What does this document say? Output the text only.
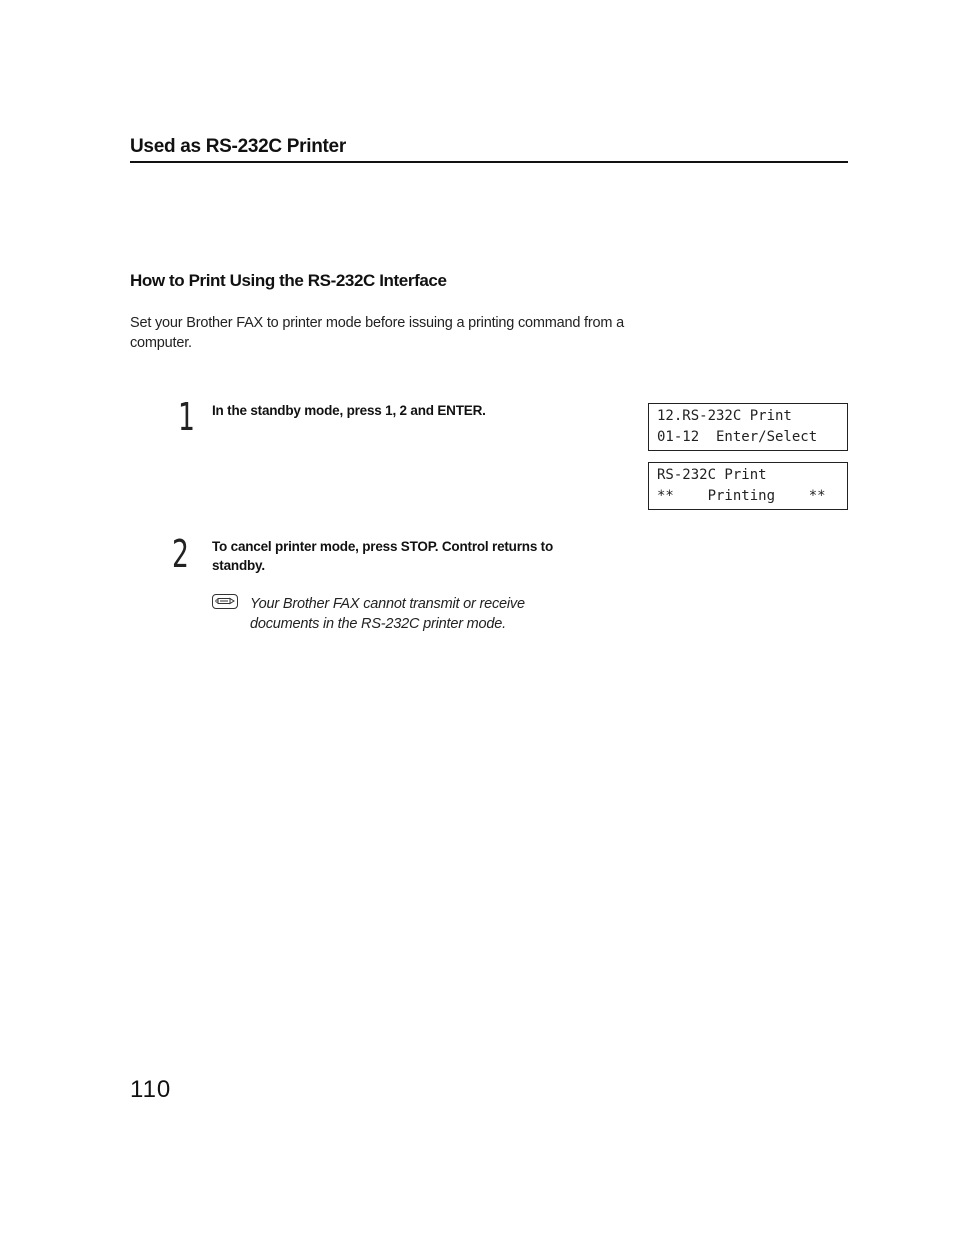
Used as RS-232C Printer
How to Print Using the RS-232C Interface
Set your Brother FAX to printer mode before issuing a printing command from a computer.
1 In the standby mode, press 1, 2 and ENTER.
2 To cancel printer mode, press STOP. Control returns to standby.
Your Brother FAX cannot transmit or receive documents in the RS-232C printer mode.
12.RS-232C Print
01-12  Enter/Select
RS-232C Print
**    Printing    **
110
